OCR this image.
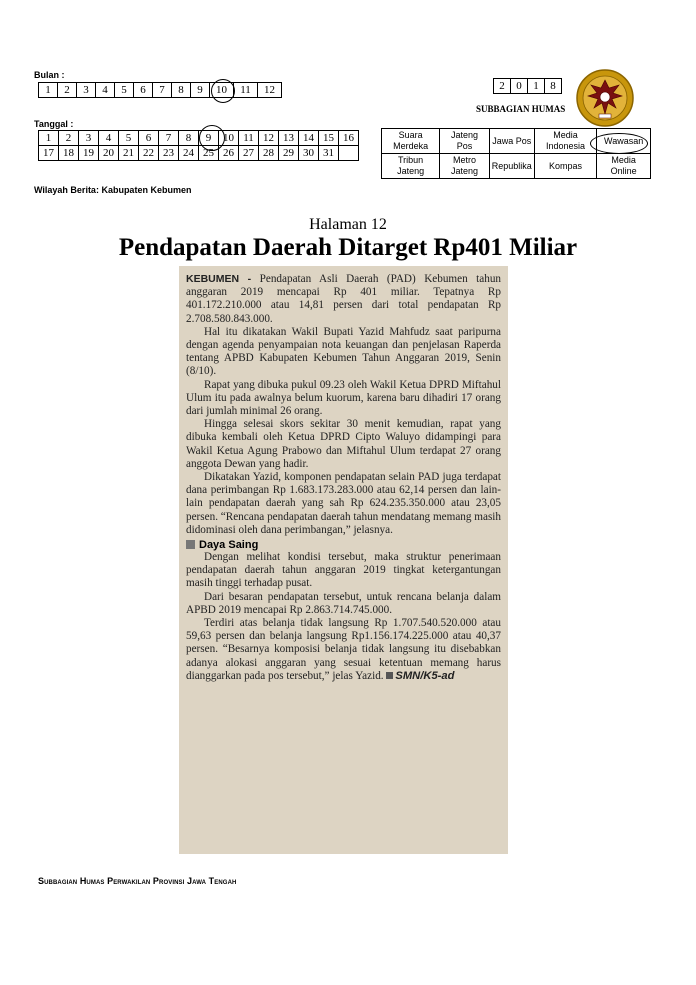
Bulan :
1	2	3	4	5	6	7	8	9	10	11	12
Tanggal :
1	2	3	4	5	6	7	8	9	10	11	12	13	14	15	16
17	18	19	20	21	22	23	24	25	26	27	28	29	30	31	
2	0	1	8
SUBBAGIAN HUMAS
Suara Merdeka	Jateng Pos	Jawa Pos	Media Indonesia	Wawasan
Tribun Jateng	Metro Jateng	Republika	Kompas	Media Online
Wilayah Berita: Kabupaten Kebumen
Halaman 12
Pendapatan Daerah Ditarget Rp401 Miliar

KEBUMEN - Pendapatan Asli Daerah (PAD) Kebumen tahun anggaran 2019 mencapai Rp 401 miliar. Tepatnya Rp 401.172.210.000 atau 14,81 persen dari total pendapatan Rp 2.708.580.843.000.

Hal itu dikatakan Wakil Bupati Yazid Mahfudz saat paripurna dengan agenda penyampaian nota keuangan dan penjelasan Raperda tentang APBD Kabupaten Kebumen Tahun Anggaran 2019, Senin (8/10).

Rapat yang dibuka pukul 09.23 oleh Wakil Ketua DPRD Miftahul Ulum itu pada awalnya belum kuorum, karena baru dihadiri 17 orang dari jumlah minimal 26 orang.

Hingga selesai skors sekitar 30 menit kemudian, rapat yang dibuka kembali oleh Ketua DPRD Cipto Waluyo didampingi para Wakil Ketua Agung Prabowo dan Miftahul Ulum terdapat 27 orang anggota Dewan yang hadir.

Dikatakan Yazid, komponen pendapatan selain PAD juga terdapat dana perimbangan Rp 1.683.173.283.000 atau 62,14 persen dan lain-lain pendapatan daerah yang sah Rp 624.235.350.000 atau 23,05 persen. “Rencana pendapatan daerah tahun mendatang memang masih didominasi oleh dana perimbangan,” jelasnya.

Daya Saing

Dengan melihat kondisi tersebut, maka struktur penerimaan pendapatan daerah tahun anggaran 2019 tingkat ketergantungan masih tinggi terhadap pusat.

Dari besaran pendapatan tersebut, untuk rencana belanja dalam APBD 2019 mencapai Rp 2.863.714.745.000.

Terdiri atas belanja tidak langsung Rp 1.707.540.520.000 atau 59,63 persen dan belanja langsung Rp1.156.174.225.000 atau 40,37 persen. “Besarnya komposisi belanja tidak langsung itu disebabkan adanya alokasi anggaran yang sesuai ketentuan memang harus dianggarkan pada pos tersebut,” jelas Yazid. SMN/K5-ad

Subbagian Humas Perwakilan Provinsi Jawa Tengah
